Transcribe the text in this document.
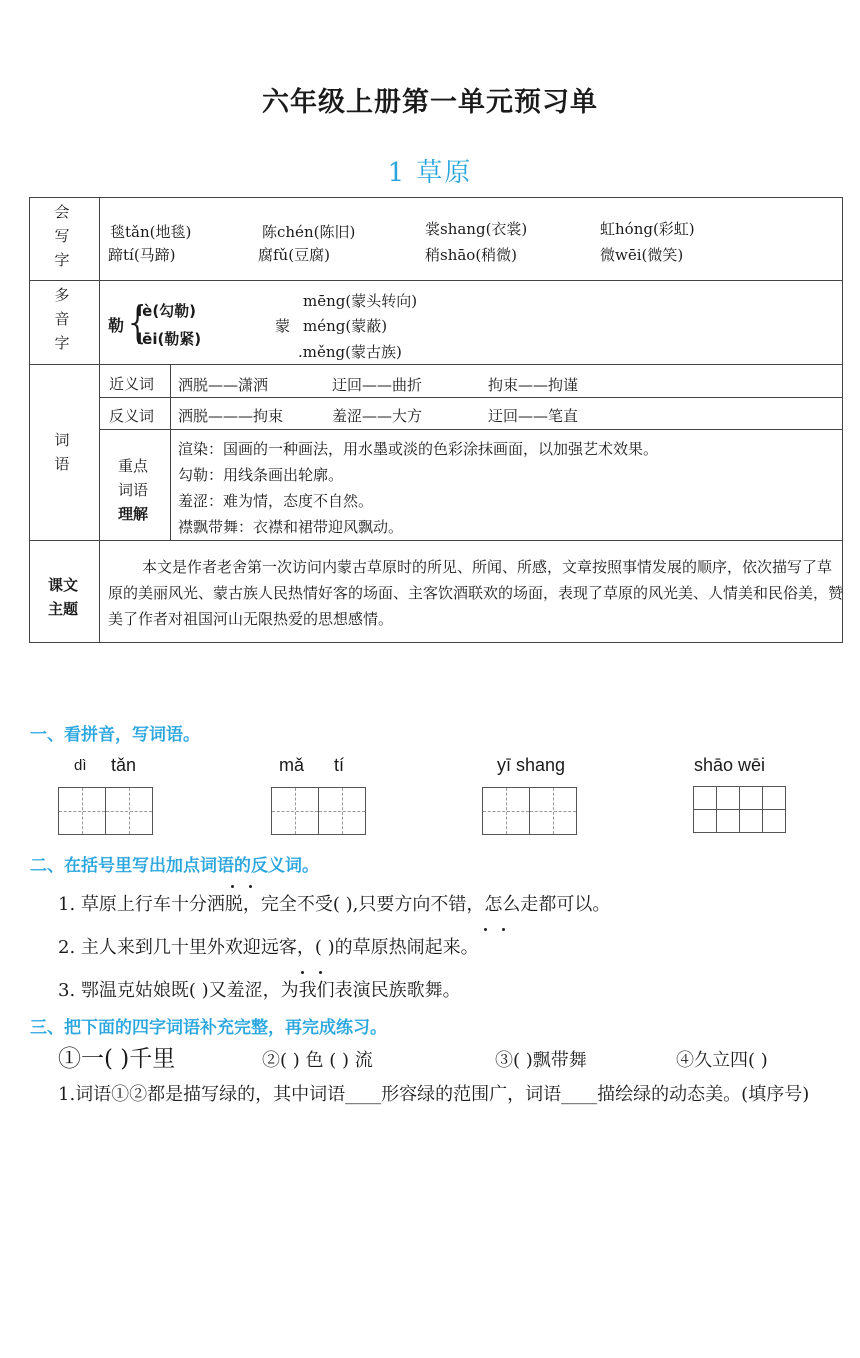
六年级上册第一单元预习单
1 草原
会写字
毯tǎn(地毯)	陈chén(陈旧)	裳shang(衣裳)	虹hóng(彩虹)
蹄tí(马蹄)	腐fǔ(豆腐)	稍shāo(稍微)	微wēi(微笑)
多音字
勒 {
lè(勾勒)
lēi(勒紧)
蒙
mēng(蒙头转向)
méng(蒙蔽)
.měng(蒙古族)
词语
近义词 洒脱——潇洒	迂回——曲折	拘束——拘谨
反义词 洒脱———拘束	羞涩——大方	迂回——笔直
重点
词语
理解
渲染：国画的一种画法，用水墨或淡的色彩涂抹画面，以加强艺术效果。
勾勒：用线条画出轮廓。
羞涩：难为情，态度不自然。
襟飘带舞：衣襟和裙带迎风飘动。
课文
主题
本文是作者老舍第一次访问内蒙古草原时的所见、所闻、所感，文章按照事情发展的顺序，依次描写了草原的美丽风光、蒙古族人民热情好客的场面、主客饮酒联欢的场面，表现了草原的风光美、人情美和民俗美，赞美了作者对祖国河山无限热爱的思想感情。
一、看拼音，写词语。
dì tǎn	mǎ tí	yī shang	shāo wēi
二、在括号里写出加点词语的反义词。
1. 草原上行车十分洒脱，完全不受( ),只要方向不错，怎么走都可以。
2. 主人来到几十里外欢迎远客，( )的草原热闹起来。
3. 鄂温克姑娘既( )又羞涩，为我们表演民族歌舞。
三、把下面的四字词语补充完整，再完成练习。
①一( )千里	②( ) 色 ( ) 流	③( )飘带舞	④久立四( )
1.词语①②都是描写绿的，其中词语____形容绿的范围广，词语____描绘绿的动态美。(填序号)
